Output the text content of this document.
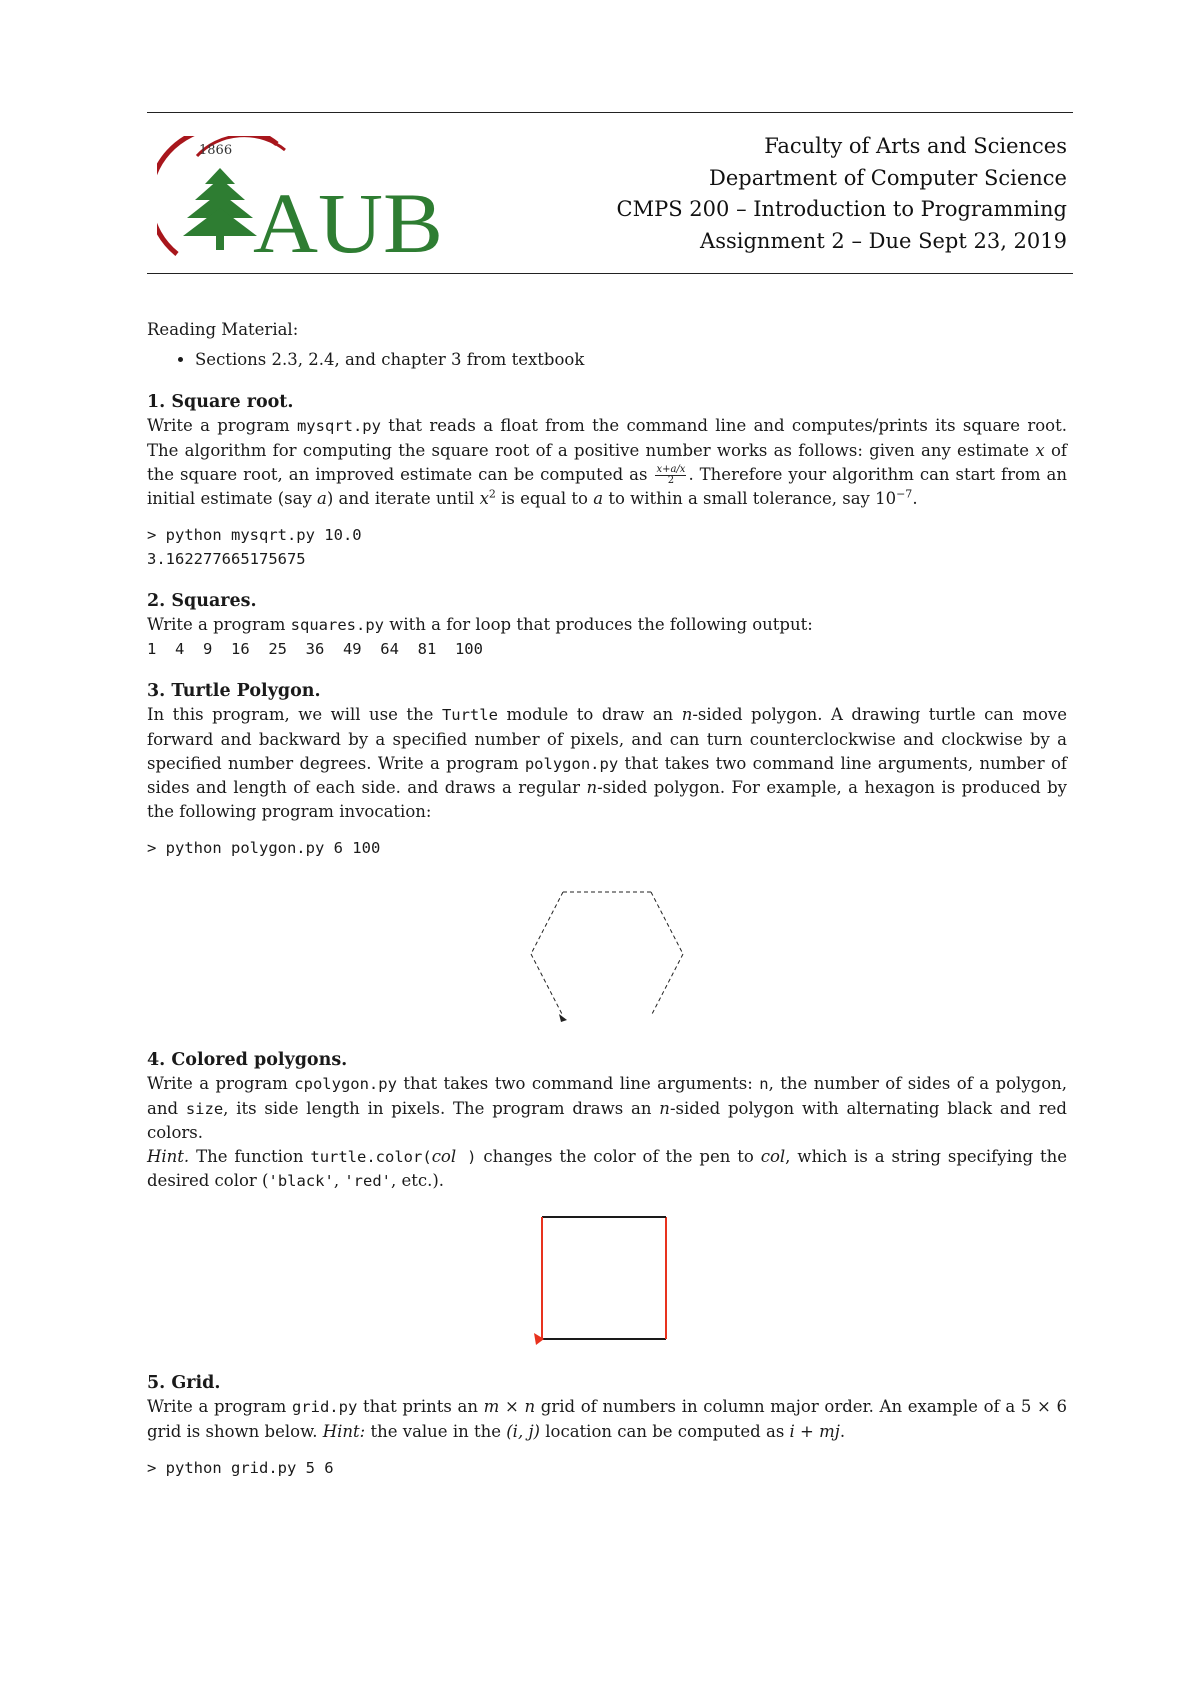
1866
AUB
Faculty of Arts and Sciences
Department of Computer Science
CMPS 200 – Introduction to Programming
Assignment 2 – Due Sept 23, 2019

Reading Material:

• Sections 2.3, 2.4, and chapter 3 from textbook

1. Square root.

Write a program mysqrt.py that reads a float from the command line and computes/prints its square root. The algorithm for computing the square root of a positive number works as follows: given any estimate x of the square root, an improved estimate can be computed as $\frac{x+a/x}{2}$ . Therefore your algorithm can start from an initial estimate (say a) and iterate until $x^2$ is equal to a to within a small tolerance, say $10^{-7}$.

> python mysqrt.py 10.0

3.162277665175675

2. Squares.

Write a program squares.py with a for loop that produces the following output:

1  4  9  16  25  36  49  64  81  100

3. Turtle Polygon.

In this program, we will use the Turtle module to draw an n-sided polygon. A drawing turtle can move forward and backward by a specified number of pixels, and can turn counterclockwise and clockwise by a specified number degrees. Write a program polygon.py that takes two command line arguments, number of sides and length of each side. and draws a regular n-sided polygon. For example, a hexagon is produced by the following program invocation:

> python polygon.py 6 100

4. Colored polygons.

Write a program cpolygon.py that takes two command line arguments: n, the number of sides of a polygon, and size, its side length in pixels. The program draws an n-sided polygon with alternating black and red colors.

Hint. The function turtle.color(col ) changes the color of the pen to col, which is a string specifying the desired color ('black', 'red', etc.).

5. Grid.

Write a program grid.py that prints an m × n grid of numbers in column major order. An example of a 5 × 6 grid is shown below. Hint: the value in the (i, j) location can be computed as i + mj.

> python grid.py 5 6
